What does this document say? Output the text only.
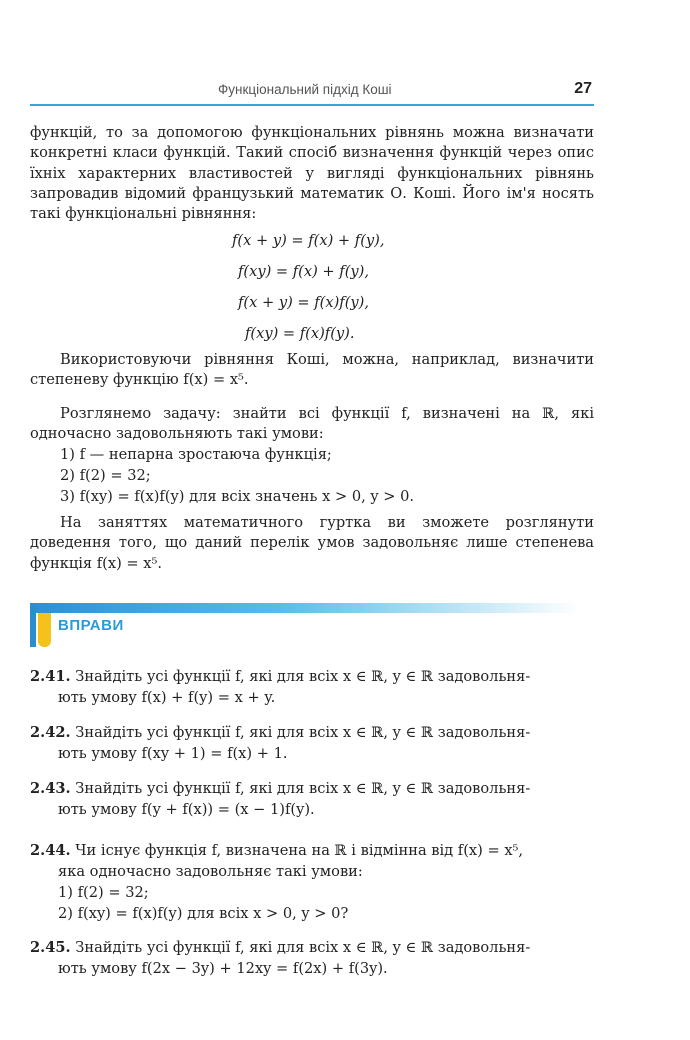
Функціональний підхід Коші	27

функцій, то за допомогою функціональних рівнянь можна визначати конкретні класи функцій. Такий спосіб визначення функцій через опис їхніх характерних властивостей у вигляді функціональних рівнянь запровадив відомий французький математик О. Коші. Його ім'я носять такі функціональні рівняння:

f(x + y) = f(x) + f(y),
f(xy) = f(x) + f(y),
f(x + y) = f(x)f(y),
f(xy) = f(x)f(y).

Використовуючи рівняння Коші, можна, наприклад, визначити степеневу функцію f(x) = x⁵.

Розглянемо задачу: знайти всі функції f, визначені на ℝ, які одночасно задовольняють такі умови:

1) f — непарна зростаюча функція;
2) f(2) = 32;
3) f(xy) = f(x)f(y) для всіх значень x > 0, y > 0.

На заняттях математичного гуртка ви зможете розглянути доведення того, що даний перелік умов задовольняє лише степенева функція f(x) = x⁵.

ВПРАВИ
2.41. Знайдіть усі функції f, які для всіх x ∈ ℝ, y ∈ ℝ задовольня-
ють умову f(x) + f(y) = x + y.
2.42. Знайдіть усі функції f, які для всіх x ∈ ℝ, y ∈ ℝ задовольня-
ють умову f(xy + 1) = f(x) + 1.
2.43. Знайдіть усі функції f, які для всіх x ∈ ℝ, y ∈ ℝ задовольня-
ють умову f(y + f(x)) = (x − 1)f(y).
2.44. Чи існує функція f, визначена на ℝ і відмінна від f(x) = x⁵,
яка одночасно задовольняє такі умови:
1) f(2) = 32;
2) f(xy) = f(x)f(y) для всіх x > 0, y > 0?
2.45. Знайдіть усі функції f, які для всіх x ∈ ℝ, y ∈ ℝ задовольня-
ють умову f(2x − 3y) + 12xy = f(2x) + f(3y).
